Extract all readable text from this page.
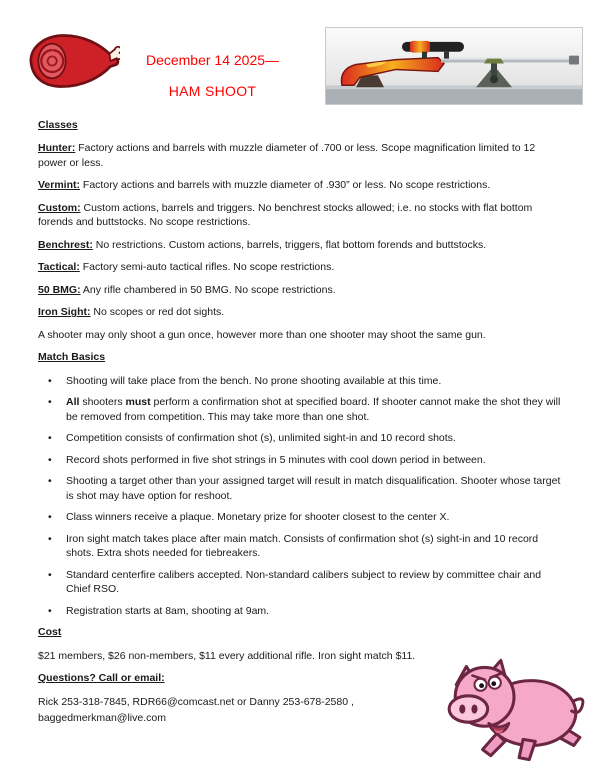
December 14 2025—
HAM SHOOT
Classes

Hunter: Factory actions and barrels with muzzle diameter of .700 or less. Scope magnification limited to 12 power or less.

Vermint: Factory actions and barrels with muzzle diameter of .930” or less. No scope restrictions.

Custom: Custom actions, barrels and triggers. No benchrest stocks allowed; i.e. no stocks with flat bottom forends and buttstocks. No scope restrictions.

Benchrest: No restrictions. Custom actions, barrels, triggers, flat bottom forends and buttstocks.

Tactical: Factory semi-auto tactical rifles. No scope restrictions.

50 BMG: Any rifle chambered in 50 BMG. No scope restrictions.

Iron Sight: No scopes or red dot sights.

A shooter may only shoot a gun once, however more than one shooter may shoot the same gun.

Match Basics
• Shooting will take place from the bench. No prone shooting available at this time.
• All shooters must perform a confirmation shot at specified board. If shooter cannot make the shot they will be removed from competition. This may take more than one shot.
• Competition consists of confirmation shot (s), unlimited sight-in and 10 record shots.
• Record shots performed in five shot strings in 5 minutes with cool down period in between.
• Shooting a target other than your assigned target will result in match disqualification. Shooter whose target is shot may have option for reshoot.
• Class winners receive a plaque. Monetary prize for shooter closest to the center X.
• Iron sight match takes place after main match. Consists of confirmation shot (s) sight-in and 10 record shots. Extra shots needed for tiebreakers.
• Standard centerfire calibers accepted. Non-standard calibers subject to review by committee chair and Chief RSO.
• Registration starts at 8am, shooting at 9am.
Cost

$21 members, $26 non-members, $11 every additional rifle. Iron sight match $11.

Questions? Call or email:

Rick 253-318-7845, RDR66@comcast.net or Danny 253-678-2580 ,

baggedmerkman@live.com
